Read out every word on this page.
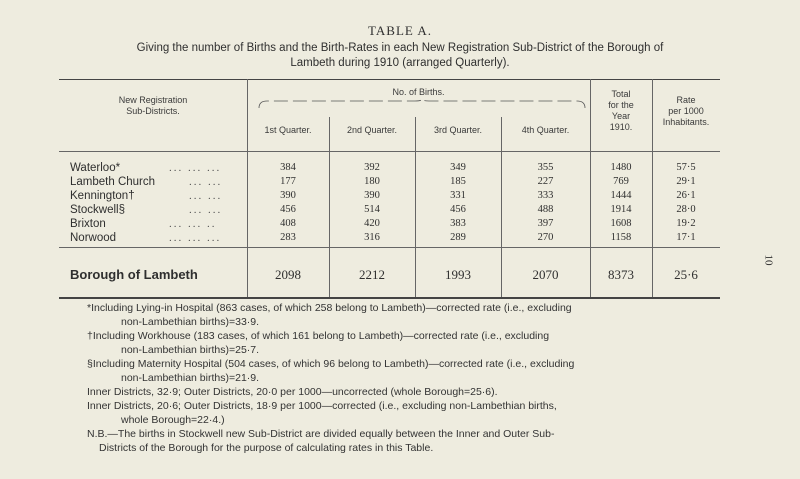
TABLE A.
Giving the number of Births and the Birth-Rates in each New Registration Sub-District of the Borough of
Lambeth during 1910 (arranged Quarterly).
New Registration
Sub-Districts.
No. of Births.
1st Quarter.	2nd Quarter.	3rd Quarter.	4th Quarter.
Total
for the
Year
1910.
Rate
per 1000
Inhabitants.
Waterloo*	... ... ...	384	392	349	355	1480	57·5
Lambeth Church	... ...	177	180	185	227	769	29·1
Kennington†	... ...	390	390	331	333	1444	26·1
Stockwell§	... ...	456	514	456	488	1914	28·0
Brixton	... ... ..	408	420	383	397	1608	19·2
Norwood	... ... ...	283	316	289	270	1158	17·1
Borough of Lambeth	2098	2212	1993	2070	8373	25·6
10

*Including Lying-in Hospital (863 cases, of which 258 belong to Lambeth)—corrected rate (i.e., excluding

non-Lambethian births)=33·9.

†Including Workhouse (183 cases, of which 161 belong to Lambeth)—corrected rate (i.e., excluding

non-Lambethian births)=25·7.

§Including Maternity Hospital (504 cases, of which 96 belong to Lambeth)—corrected rate (i.e., excluding

non-Lambethian births)=21·9.

Inner Districts, 32·9; Outer Districts, 20·0 per 1000—uncorrected (whole Borough=25·6).

Inner Districts, 20·6; Outer Districts, 18·9 per 1000—corrected (i.e., excluding non-Lambethian births,

whole Borough=22·4.)

N.B.—The births in Stockwell new Sub-District are divided equally between the Inner and Outer Sub-

Districts of the Borough for the purpose of calculating rates in this Table.
